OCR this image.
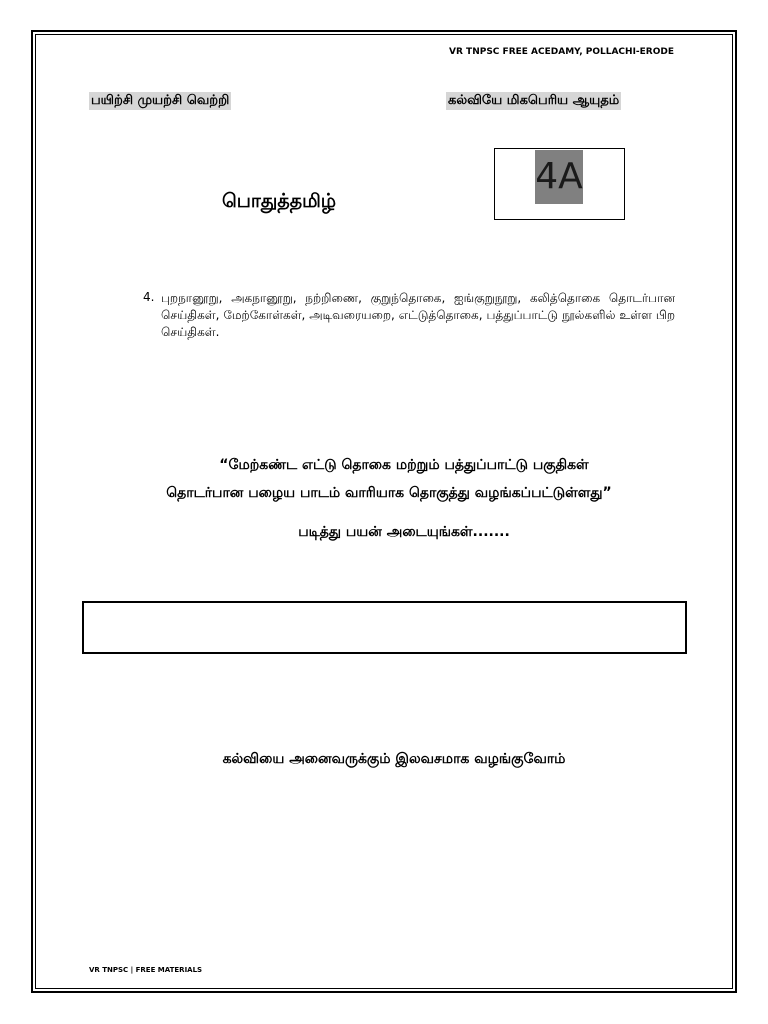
VR TNPSC FREE ACEDAMY, POLLACHI-ERODE
பயிற்சி முயற்சி வெற்றி	கல்வியே மிகபெரிய ஆயுதம்
பொதுத்தமிழ்
4A
4. புறநானூறு, அகநானூறு, நற்றிணை, குறுந்தொகை, ஐங்குறுநூறு, கலித்தொகை தொடர்பான செய்திகள், மேற்கோள்கள், அடிவரையறை, எட்டுத்தொகை, பத்துப்பாட்டு நூல்களில் உள்ள பிற செய்திகள்.
“மேற்கண்ட எட்டு தொகை மற்றும் பத்துப்பாட்டு பகுதிகள்
தொடர்பான பழைய பாடம் வாரியாக தொகுத்து வழங்கப்பட்டுள்ளது”
படித்து பயன் அடையுங்கள்.......
கல்வியை அனைவருக்கும் இலவசமாக வழங்குவோம்
VR TNPSC | FREE MATERIALS
